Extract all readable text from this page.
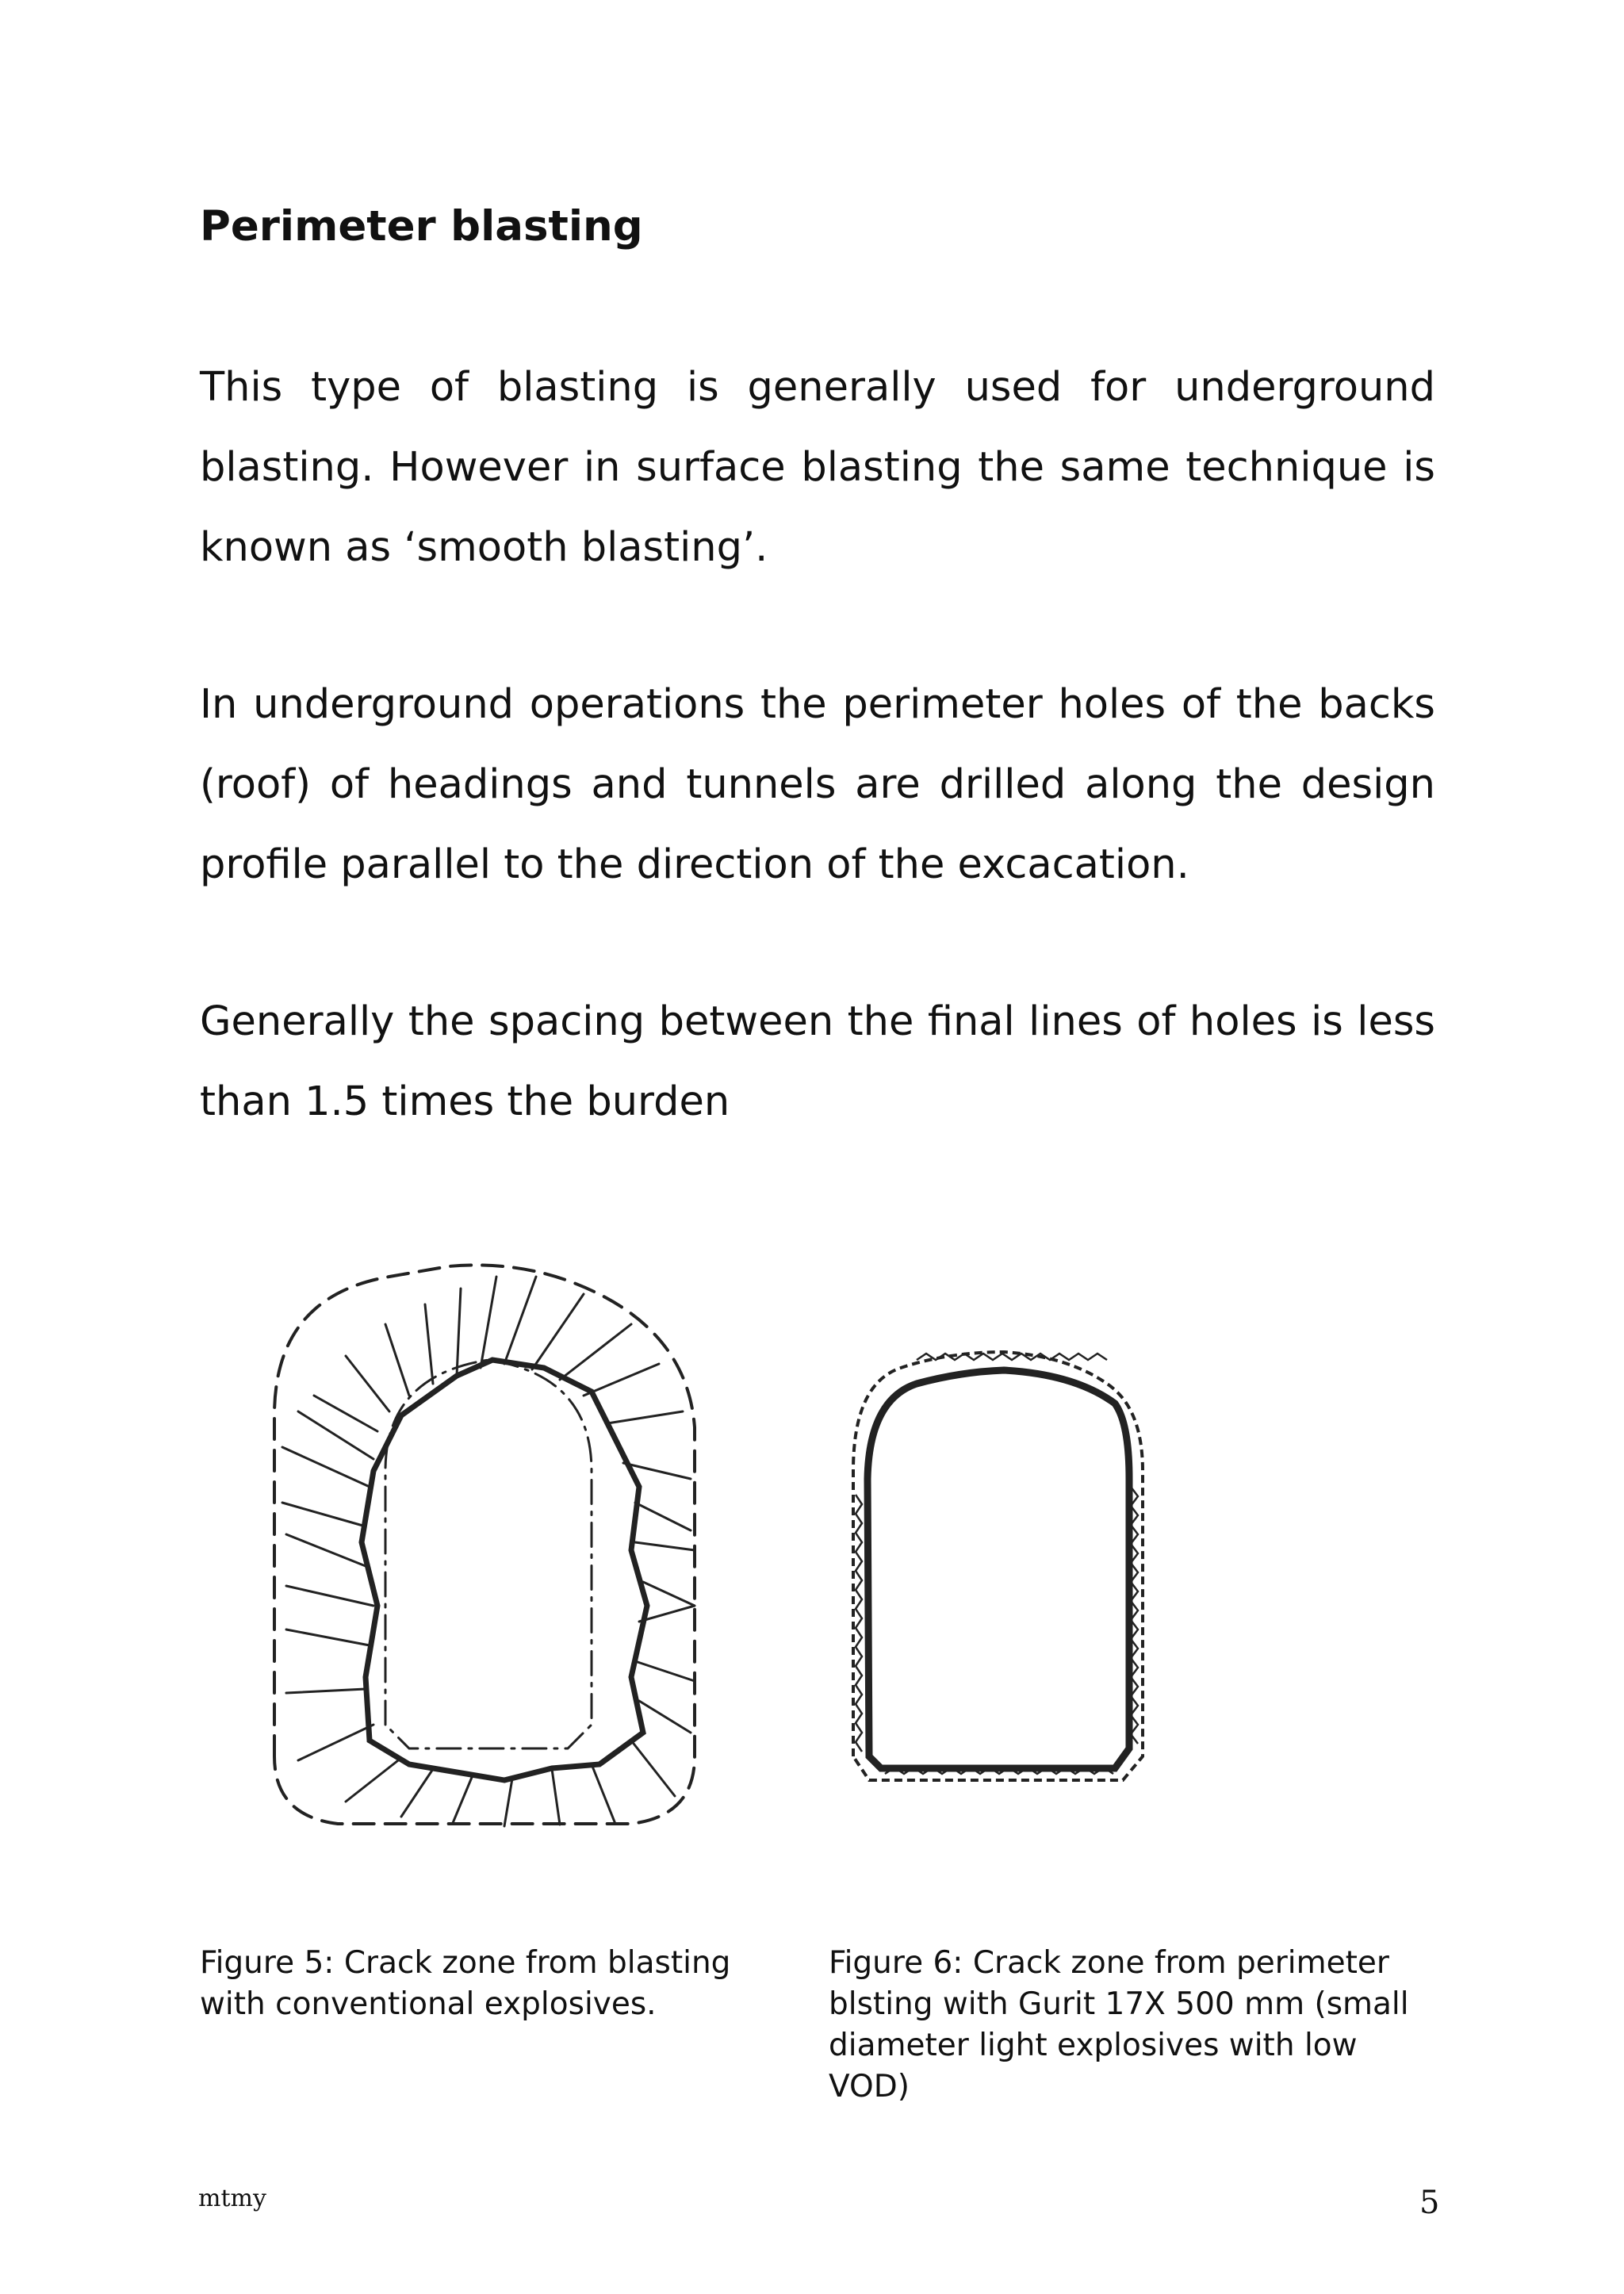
Perimeter blasting

This type of blasting is generally used for underground blasting. However in surface blasting the same technique is known as ‘smooth blasting’.

In underground operations the perimeter holes of the backs (roof) of headings and tunnels are drilled along the design profile parallel to the direction of the excacation.

Generally the spacing between the final lines of holes is less than 1.5 times the burden

Figure 5: Crack zone from blasting with conventional explosives.

Figure 6: Crack zone from perimeter blsting with Gurit 17X 500 mm (small diameter light explosives with low VOD)

mtmy	5
